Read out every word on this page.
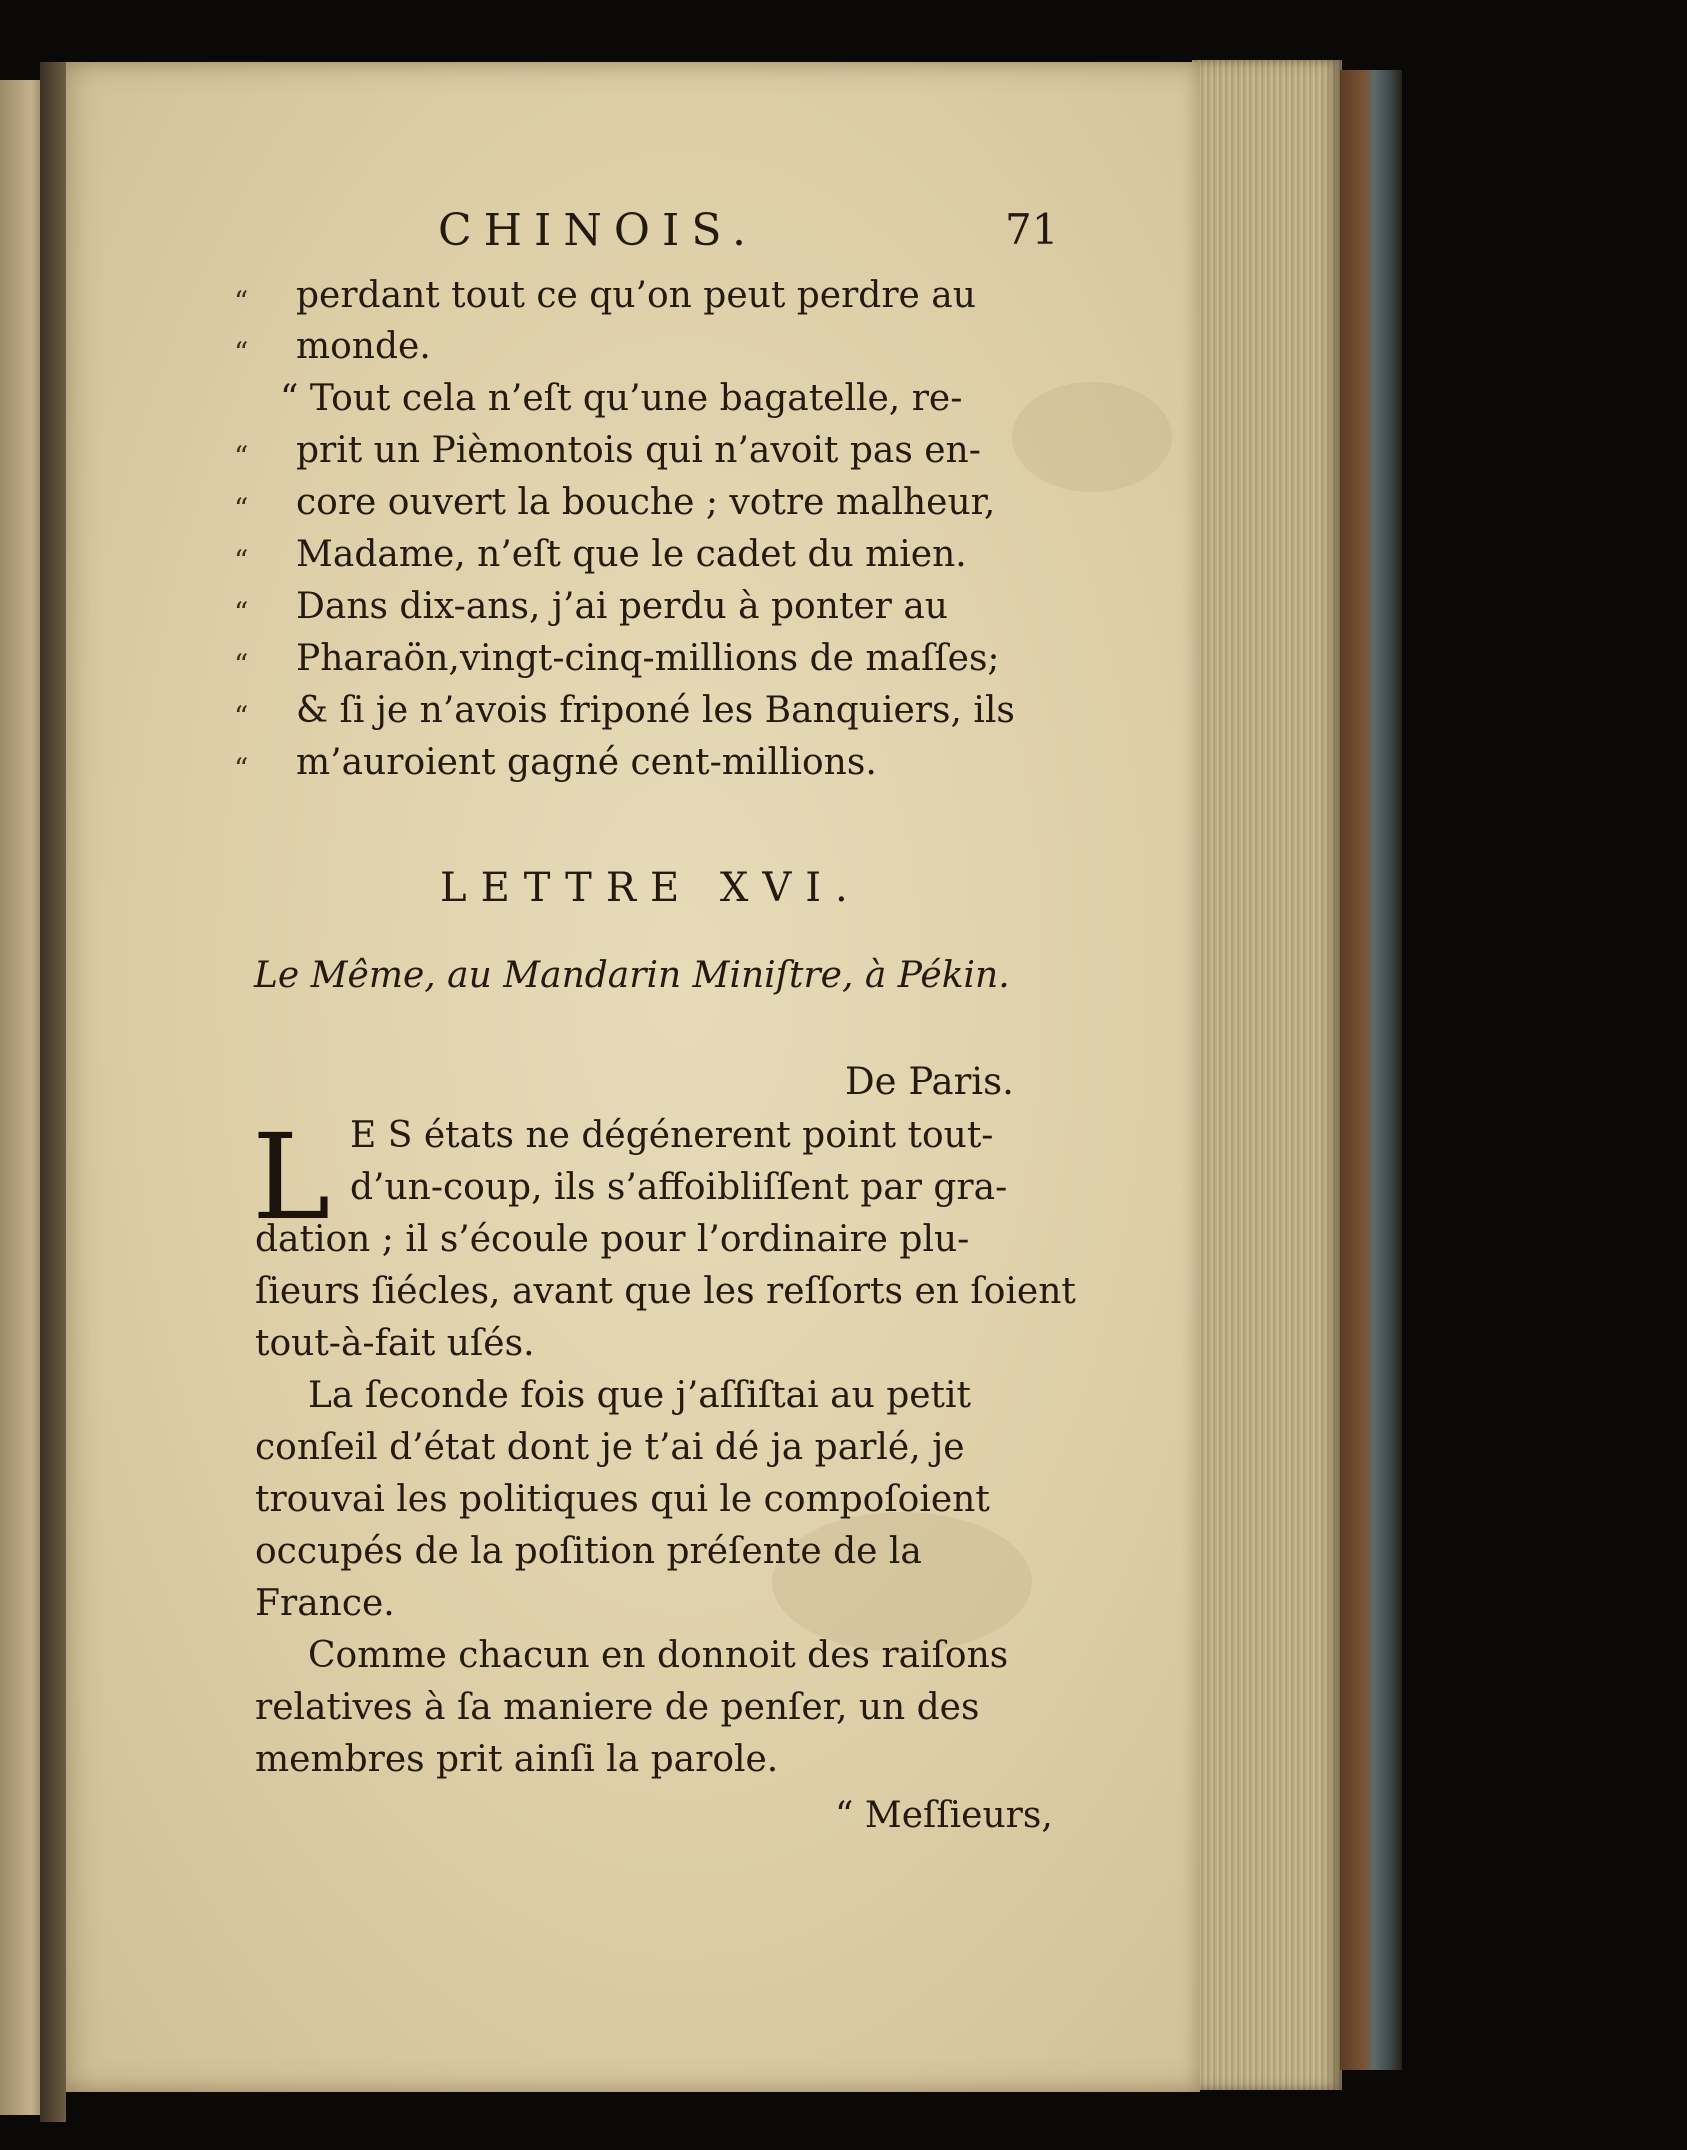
CHINOIS.	71
“ perdant tout ce qu’on peut perdre au
“ monde.
“ Tout cela n’eſt qu’une bagatelle, re-
“ prit un Pièmontois qui n’avoit pas en-
“ core ouvert la bouche ; votre malheur,
“ Madame, n’eſt que le cadet du mien.
“ Dans dix-ans, j’ai perdu à ponter au
“ Pharaön,vingt-cinq-millions de maſſes;
“ & ſi je n’avois friponé les Banquiers, ils
“ m’auroient gagné cent-millions.
LETTRE XVI.
Le Même, au Mandarin Miniſtre, à Pékin.
De Paris.
L E S états ne dégénerent point tout-
d’un-coup, ils s’affoibliſſent par gra-
dation ; il s’écoule pour l’ordinaire plu-
ſieurs ſiécles, avant que les reſſorts en ſoient
tout-à-fait uſés.
La ſeconde fois que j’aſſiſtai au petit
conſeil d’état dont je t’ai dé ja parlé, je
trouvai les politiques qui le compoſoient
occupés de la poſition préſente de la
France.
Comme chacun en donnoit des raiſons
relatives à ſa maniere de penſer, un des
membres prit ainſi la parole.
“ Meſſieurs,
